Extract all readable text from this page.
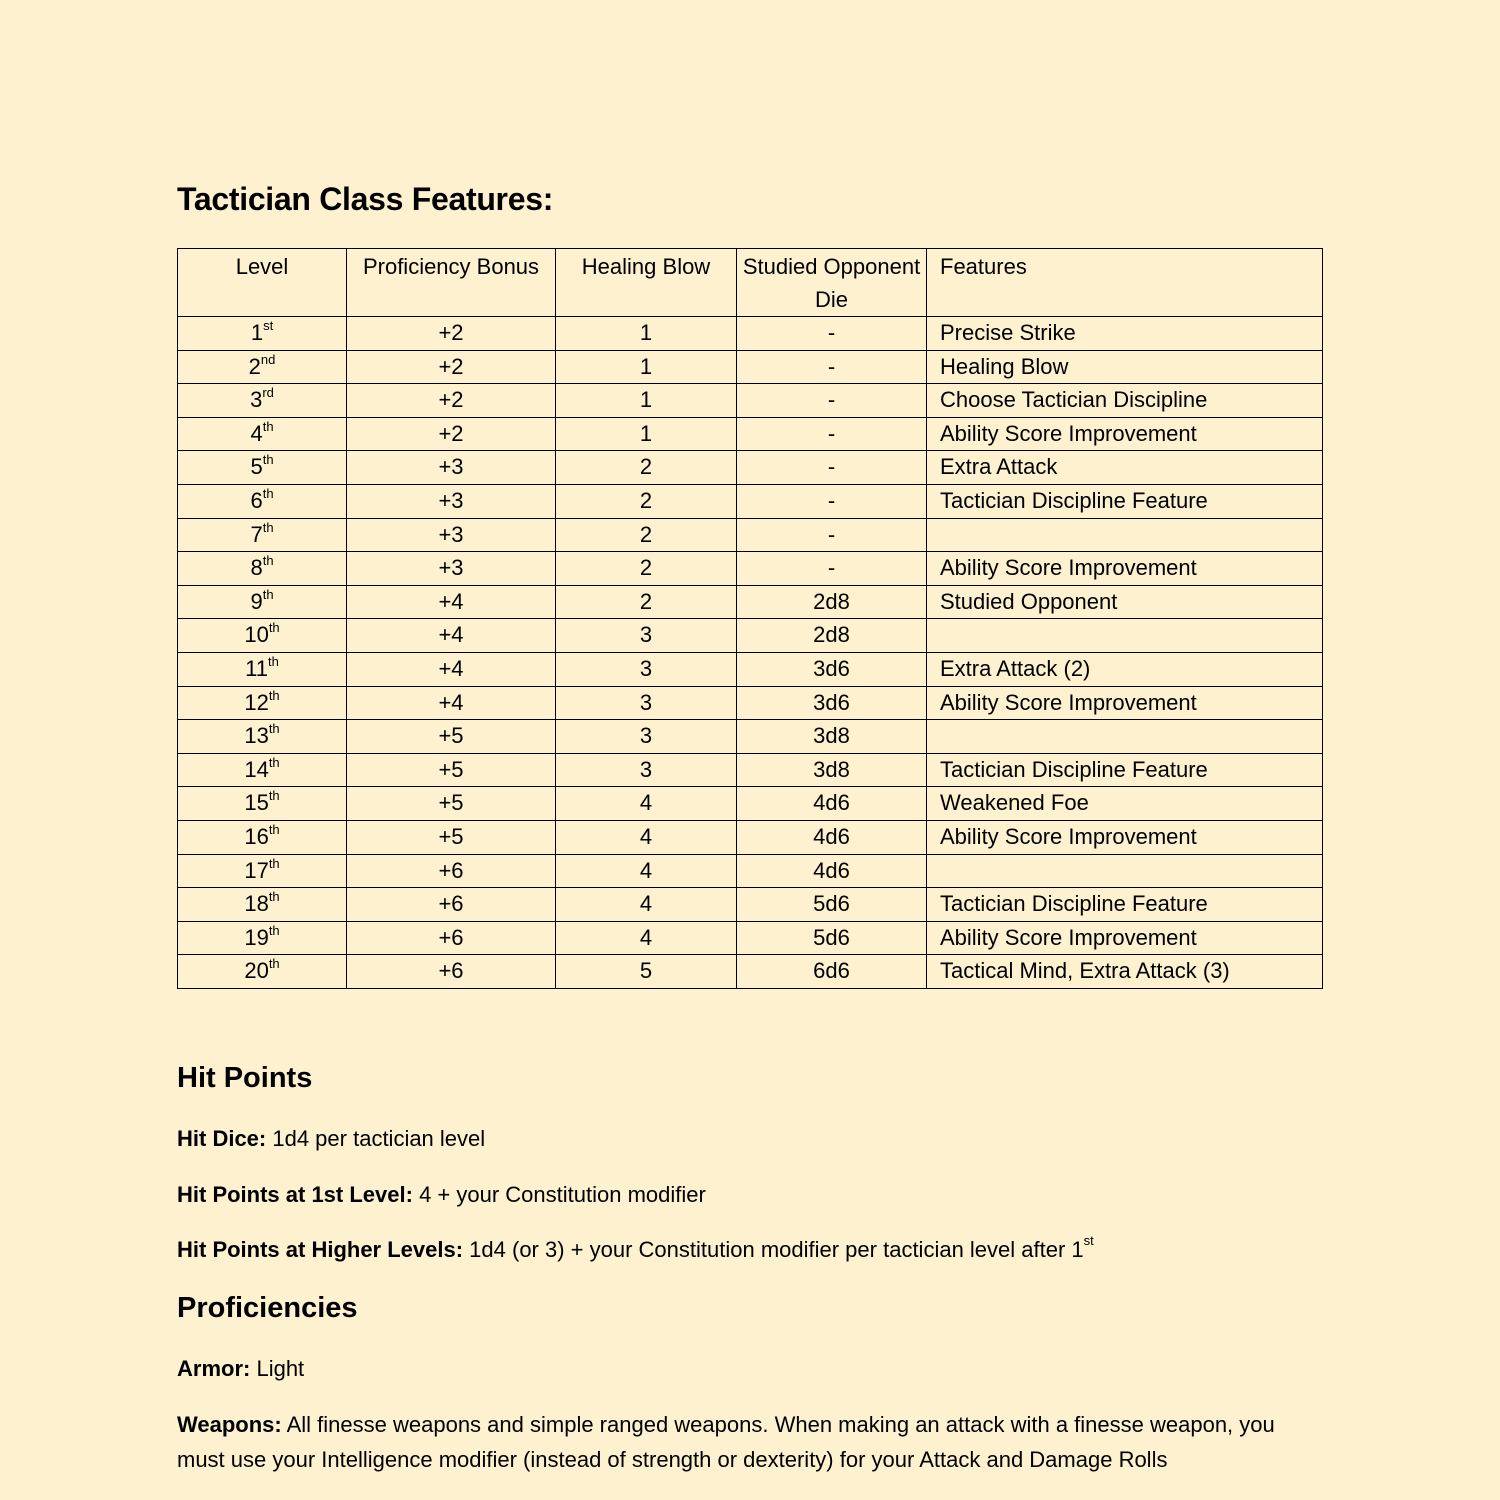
Tactician Class Features:
Level	Proficiency Bonus	Healing Blow	Studied Opponent Die	Features
1st	+2	1	-	Precise Strike
2nd	+2	1	-	Healing Blow
3rd	+2	1	-	Choose Tactician Discipline
4th	+2	1	-	Ability Score Improvement
5th	+3	2	-	Extra Attack
6th	+3	2	-	Tactician Discipline Feature
7th	+3	2	-	
8th	+3	2	-	Ability Score Improvement
9th	+4	2	2d8	Studied Opponent
10th	+4	3	2d8	
11th	+4	3	3d6	Extra Attack (2)
12th	+4	3	3d6	Ability Score Improvement
13th	+5	3	3d8	
14th	+5	3	3d8	Tactician Discipline Feature
15th	+5	4	4d6	Weakened Foe
16th	+5	4	4d6	Ability Score Improvement
17th	+6	4	4d6	
18th	+6	4	5d6	Tactician Discipline Feature
19th	+6	4	5d6	Ability Score Improvement
20th	+6	5	6d6	Tactical Mind, Extra Attack (3)
Hit Points

Hit Dice: 1d4 per tactician level

Hit Points at 1st Level: 4 + your Constitution modifier

Hit Points at Higher Levels: 1d4 (or 3) + your Constitution modifier per tactician level after 1st

Proficiencies

Armor: Light

Weapons: All finesse weapons and simple ranged weapons. When making an attack with a finesse weapon, you must use your Intelligence modifier (instead of strength or dexterity) for your Attack and Damage Rolls
